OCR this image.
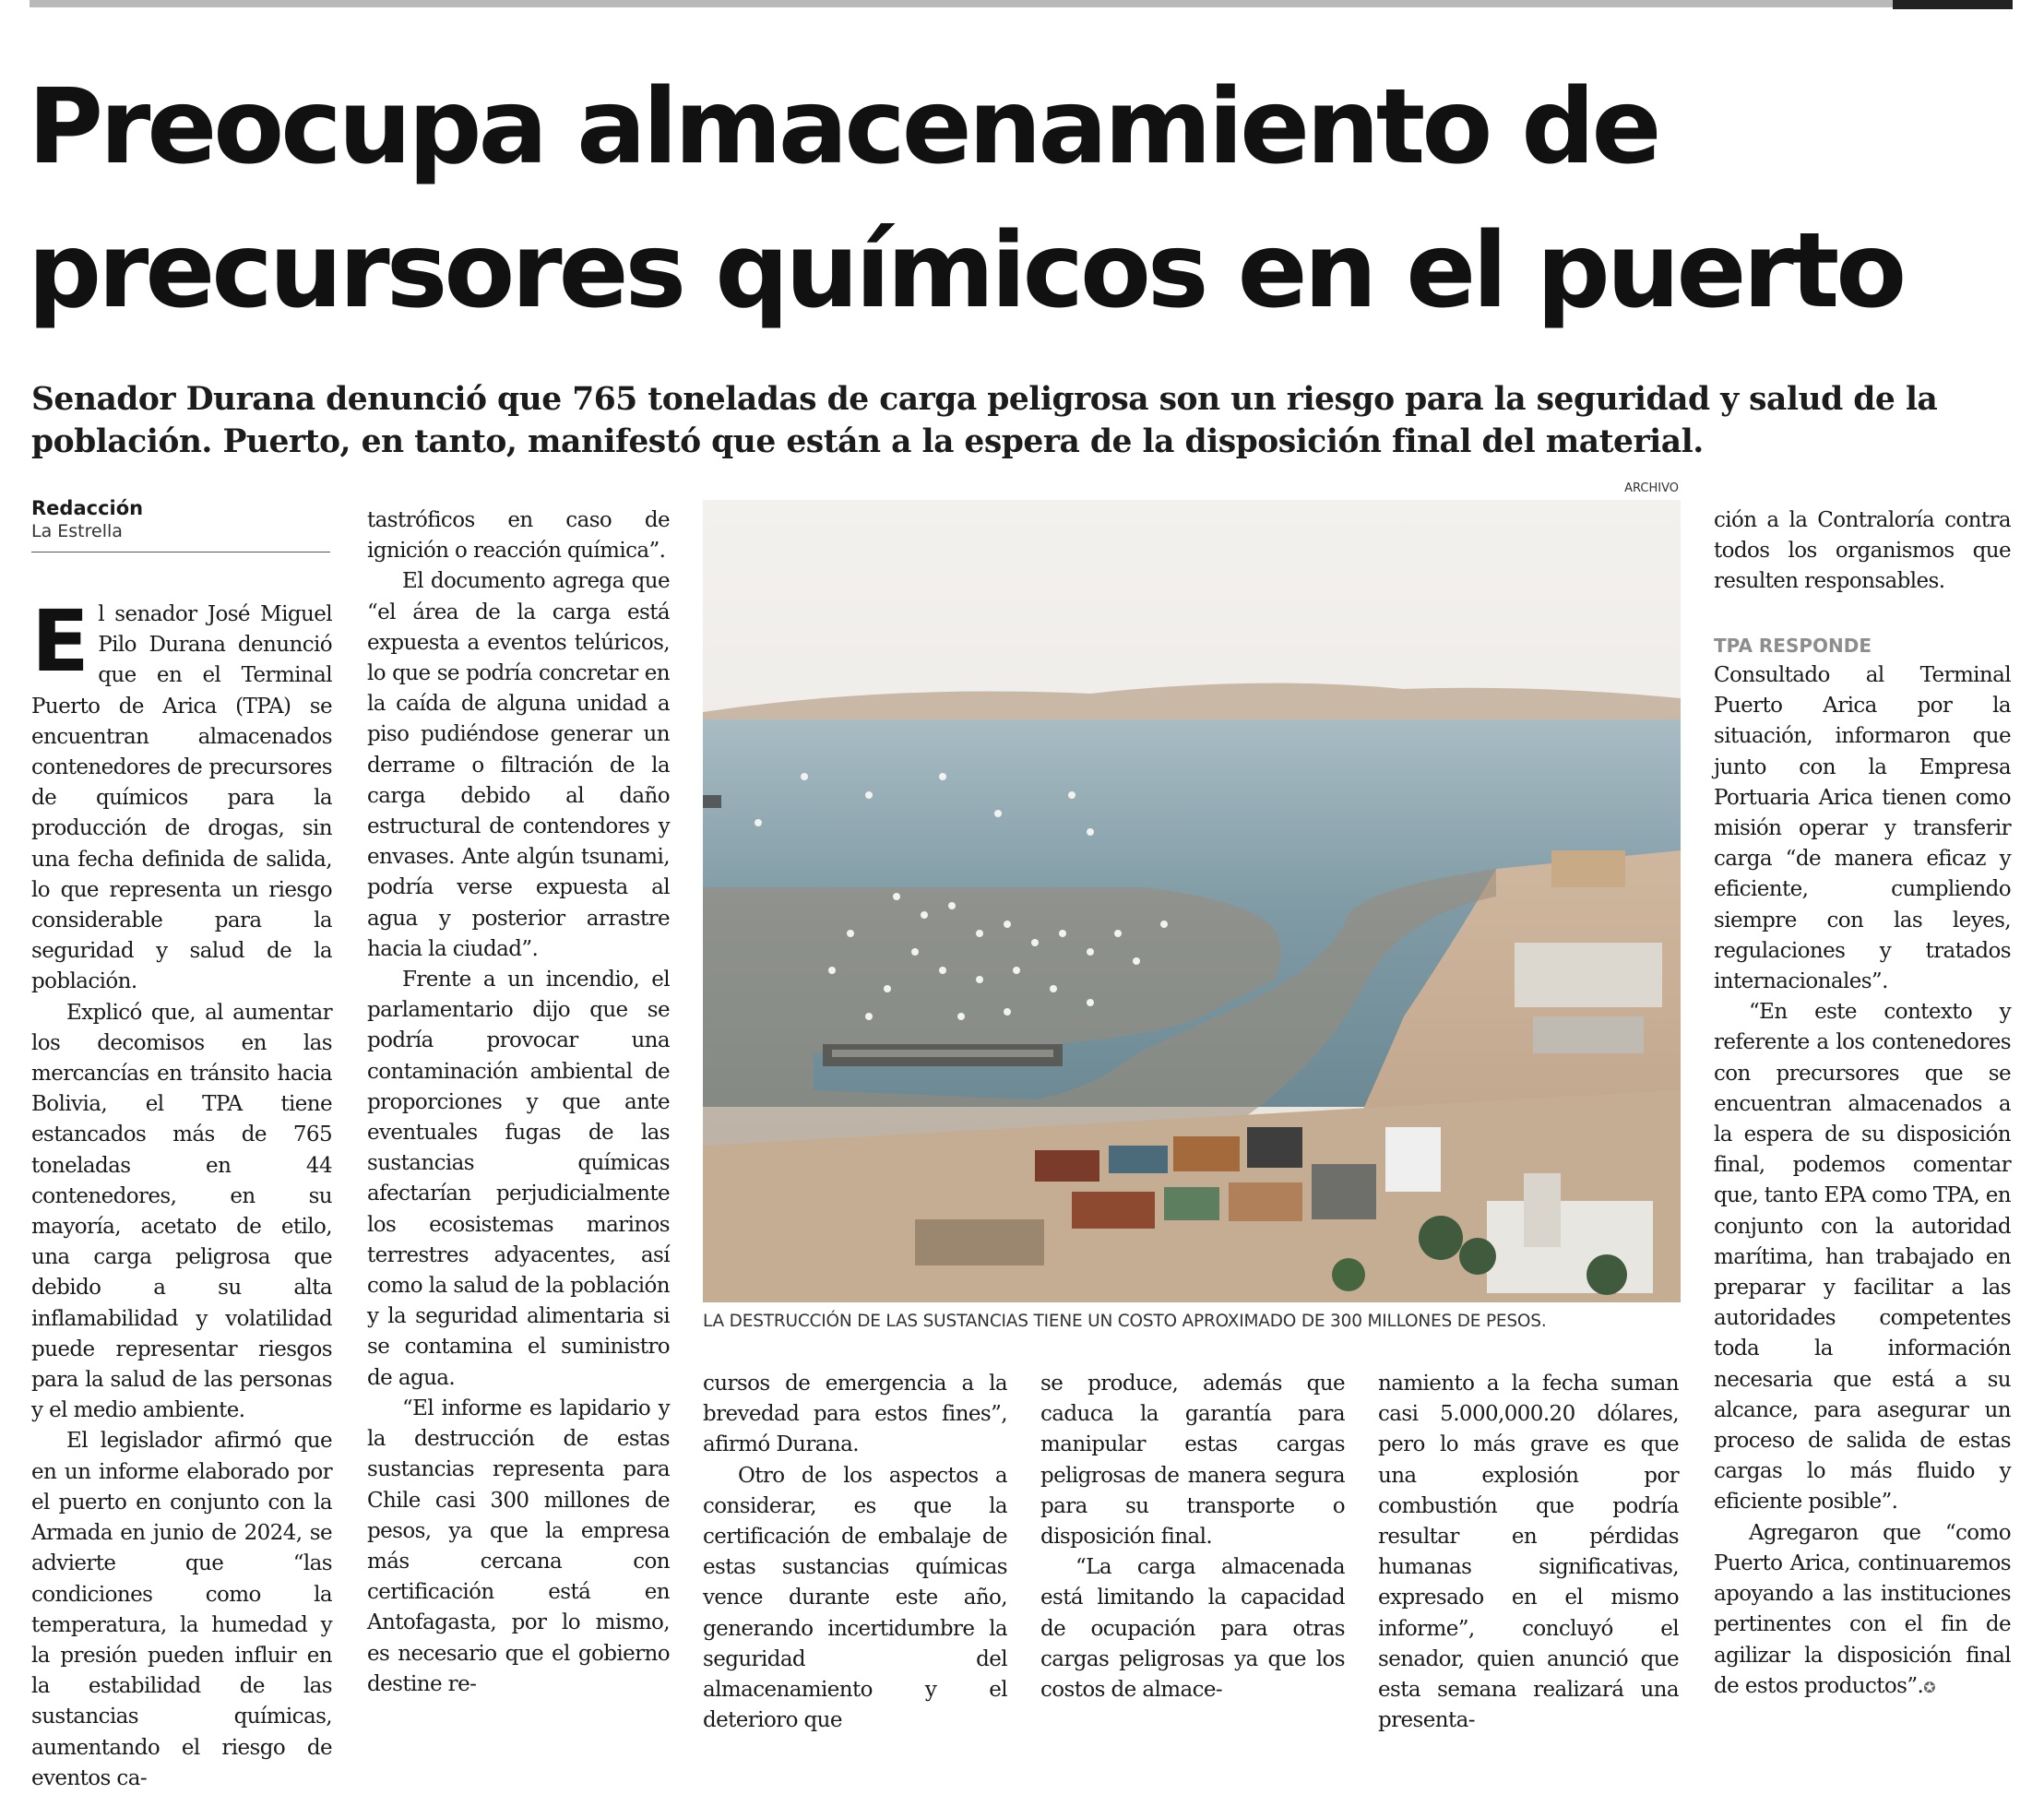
Preocupa almacenamiento de precursores químicos en el puerto

Senador Durana denunció que 765 toneladas de carga peligrosa son un riesgo para la seguridad y salud de la población. Puerto, en tanto, manifestó que están a la espera de la disposición final del material.

Redacción
La Estrella
E l senador José Miguel Pilo Durana denunció que en el Terminal Puerto de Arica (TPA) se encuentran almacenados contenedores de precursores de químicos para la producción de drogas, sin una fecha definida de salida, lo que representa un riesgo considerable para la seguridad y salud de la población.

Explicó que, al aumentar los decomisos en las mercancías en tránsito hacia Bolivia, el TPA tiene estancados más de 765 toneladas en 44 contenedores, en su mayoría, acetato de etilo, una carga peligrosa que debido a su alta inflamabilidad y volatilidad puede representar riesgos para la salud de las personas y el medio ambiente.

El legislador afirmó que en un informe elaborado por el puerto en conjunto con la Armada en junio de 2024, se advierte que “las condiciones como la temperatura, la humedad y la presión pueden influir en la estabilidad de las sustancias químicas, aumentando el riesgo de eventos ca-

tastróficos en caso de ignición o reacción química”.

El documento agrega que “el área de la carga está expuesta a eventos telúricos, lo que se podría concretar en la caída de alguna unidad a piso pudiéndose generar un derrame o filtración de la carga debido al daño estructural de contendores y envases. Ante algún tsunami, podría verse expuesta al agua y posterior arrastre hacia la ciudad”.

Frente a un incendio, el parlamentario dijo que se podría provocar una contaminación ambiental de proporciones y que ante eventuales fugas de las sustancias químicas afectarían perjudicialmente los ecosistemas marinos terrestres adyacentes, así como la salud de la población y la seguridad alimentaria si se contamina el suministro de agua.

“El informe es lapidario y la destrucción de estas sustancias representa para Chile casi 300 millones de pesos, ya que la empresa más cercana con certificación está en Antofagasta, por lo mismo, es necesario que el gobierno destine re-

ARCHIVO
LA DESTRUCCIÓN DE LAS SUSTANCIAS TIENE UN COSTO APROXIMADO DE 300 MILLONES DE PESOS.

cursos de emergencia a la brevedad para estos fines”, afirmó Durana.

Otro de los aspectos a considerar, es que la certificación de embalaje de estas sustancias químicas vence durante este año, generando incertidumbre la seguridad del almacenamiento y el deterioro que

se produce, además que caduca la garantía para manipular estas cargas peligrosas de manera segura para su transporte o disposición final.

“La carga almacenada está limitando la capacidad de ocupación para otras cargas peligrosas ya que los costos de almace-

namiento a la fecha suman casi 5.000,000.20 dólares, pero lo más grave es que una explosión por combustión que podría resultar en pérdidas humanas significativas, expresado en el mismo informe”, concluyó el senador, quien anunció que esta semana realizará una presenta-

ción a la Contraloría contra todos los organismos que resulten responsables.

TPA RESPONDE

Consultado al Terminal Puerto Arica por la situación, informaron que junto con la Empresa Portuaria Arica tienen como misión operar y transferir carga “de manera eficaz y eficiente, cumpliendo siempre con las leyes, regulaciones y tratados internacionales”.

“En este contexto y referente a los contenedores con precursores que se encuentran almacenados a la espera de su disposición final, podemos comentar que, tanto EPA como TPA, en conjunto con la autoridad marítima, han trabajado en preparar y facilitar a las autoridades competentes toda la información necesaria que está a su alcance, para asegurar un proceso de salida de estas cargas lo más fluido y eficiente posible”.

Agregaron que “como Puerto Arica, continuaremos apoyando a las instituciones pertinentes con el fin de agilizar la disposición final de estos productos”.✪
